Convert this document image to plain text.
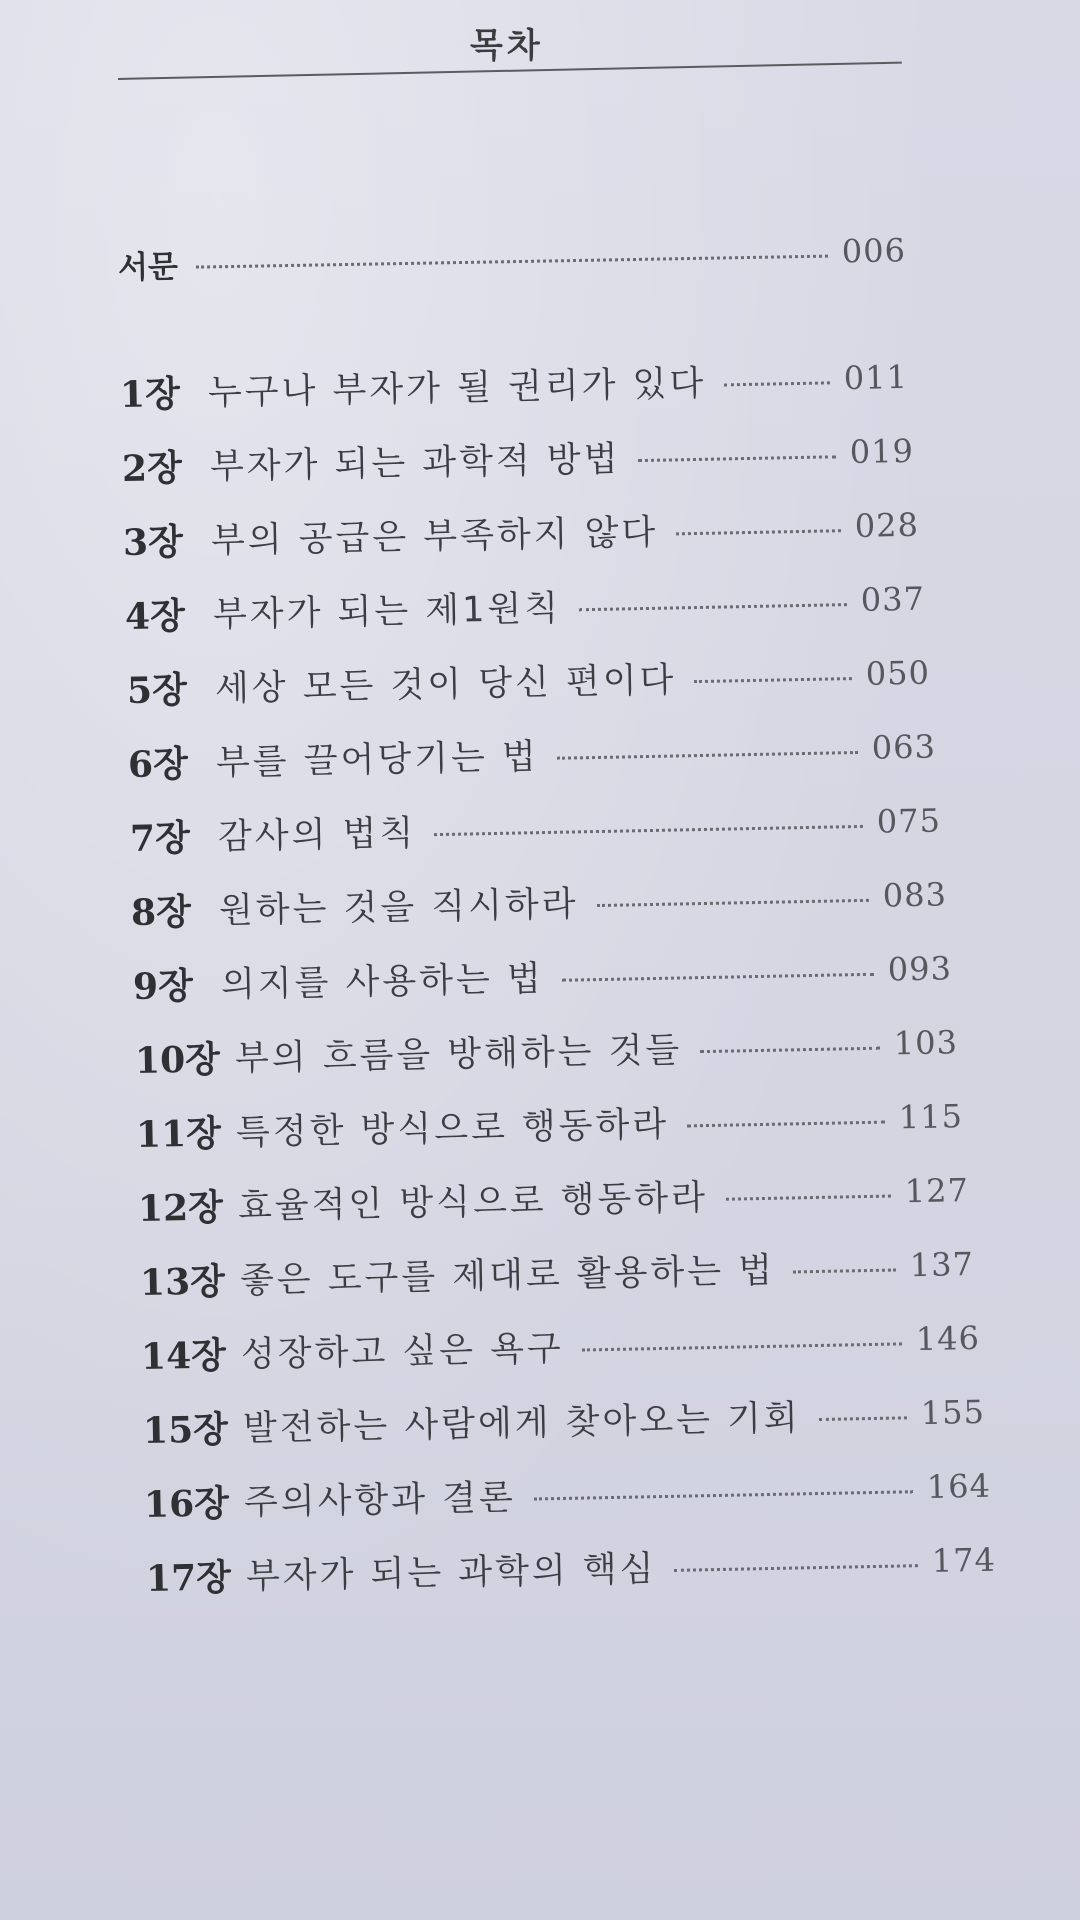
목차
서문	006
1장 누구나 부자가 될 권리가 있다	011
2장 부자가 되는 과학적 방법	019
3장 부의 공급은 부족하지 않다	028
4장 부자가 되는 제1원칙	037
5장 세상 모든 것이 당신 편이다	050
6장 부를 끌어당기는 법	063
7장 감사의 법칙	075
8장 원하는 것을 직시하라	083
9장 의지를 사용하는 법	093
10장 부의 흐름을 방해하는 것들	103
11장 특정한 방식으로 행동하라	115
12장 효율적인 방식으로 행동하라	127
13장 좋은 도구를 제대로 활용하는 법	137
14장 성장하고 싶은 욕구	146
15장 발전하는 사람에게 찾아오는 기회	155
16장 주의사항과 결론	164
17장 부자가 되는 과학의 핵심	174
